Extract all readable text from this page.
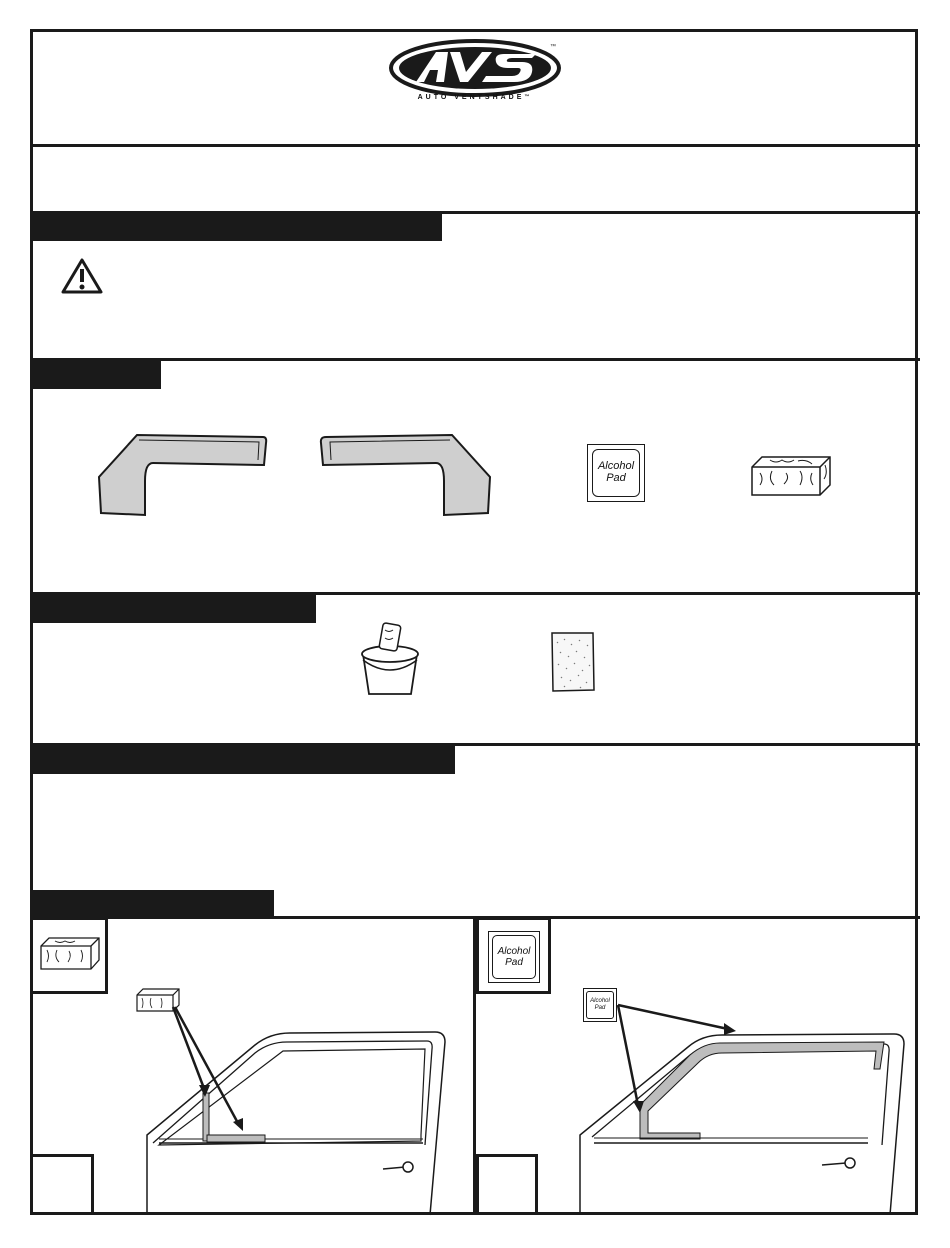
™
AUTO VENTSHADE™
Alcohol
Pad
Alcohol
Pad
Alcohol
Pad
